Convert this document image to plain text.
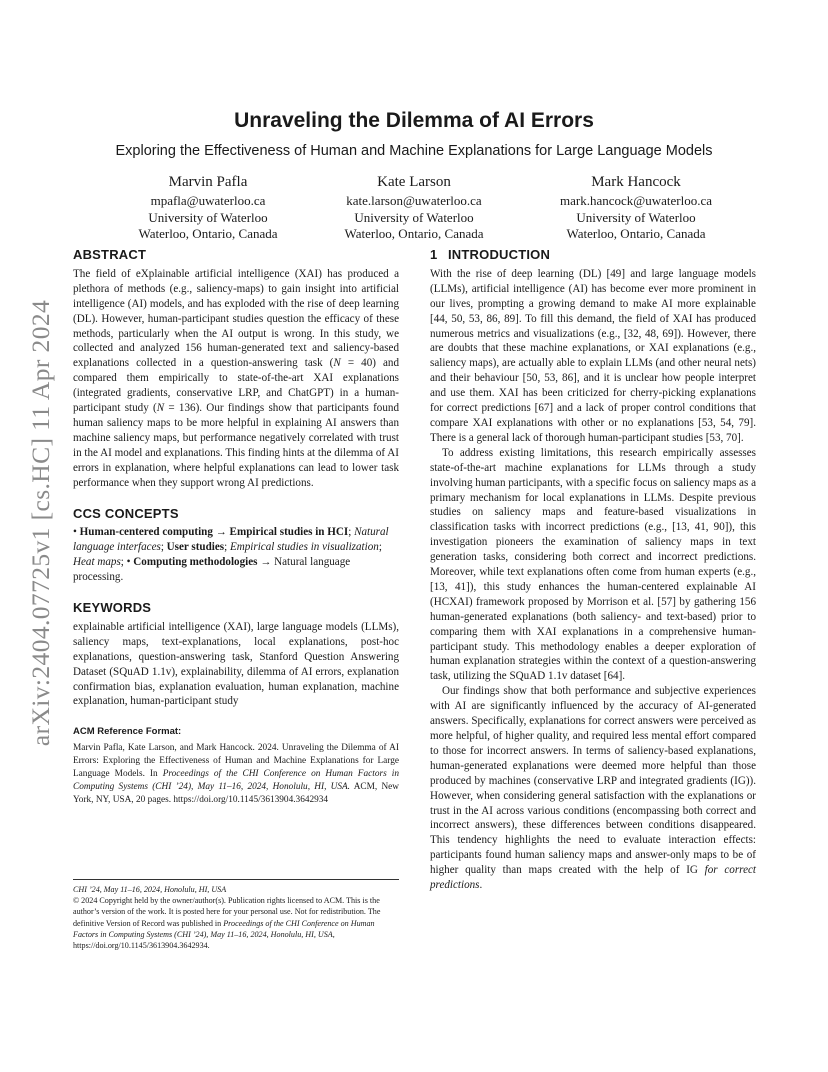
arXiv:2404.07725v1 [cs.HC] 11 Apr 2024
Unraveling the Dilemma of AI Errors
Exploring the Effectiveness of Human and Machine Explanations for Large Language Models
Marvin Pafla
mpafla@uwaterloo.ca
University of Waterloo
Waterloo, Ontario, Canada
Kate Larson
kate.larson@uwaterloo.ca
University of Waterloo
Waterloo, Ontario, Canada
Mark Hancock
mark.hancock@uwaterloo.ca
University of Waterloo
Waterloo, Ontario, Canada
ABSTRACT

The field of eXplainable artificial intelligence (XAI) has produced a plethora of methods (e.g., saliency-maps) to gain insight into artificial intelligence (AI) models, and has exploded with the rise of deep learning (DL). However, human-participant studies question the efficacy of these methods, particularly when the AI output is wrong. In this study, we collected and analyzed 156 human-generated text and saliency-based explanations collected in a question-answering task (N = 40) and compared them empirically to state-of-the-art XAI explanations (integrated gradients, conservative LRP, and ChatGPT) in a human-participant study (N = 136). Our findings show that participants found human saliency maps to be more helpful in explaining AI answers than machine saliency maps, but performance negatively correlated with trust in the AI model and explanations. This finding hints at the dilemma of AI errors in explanation, where helpful explanations can lead to lower task performance when they support wrong AI predictions.

CCS CONCEPTS

• Human-centered computing → Empirical studies in HCI; Natural language interfaces; User studies; Empirical studies in visualization; Heat maps; • Computing methodologies → Natural language processing.

KEYWORDS

explainable artificial intelligence (XAI), large language models (LLMs), saliency maps, text-explanations, local explanations, post-hoc explanations, question-answering task, Stanford Question Answering Dataset (SQuAD 1.1v), explainability, dilemma of AI errors, explanation confirmation bias, explanation evaluation, human explanation, machine explanation, human-participant study

ACM Reference Format:

Marvin Pafla, Kate Larson, and Mark Hancock. 2024. Unraveling the Dilemma of AI Errors: Exploring the Effectiveness of Human and Machine Explanations for Large Language Models. In Proceedings of the CHI Conference on Human Factors in Computing Systems (CHI ’24), May 11–16, 2024, Honolulu, HI, USA. ACM, New York, NY, USA, 20 pages. https://doi.org/10.1145/3613904.3642934

CHI ’24, May 11–16, 2024, Honolulu, HI, USA

© 2024 Copyright held by the owner/author(s). Publication rights licensed to ACM. This is the author’s version of the work. It is posted here for your personal use. Not for redistribution. The definitive Version of Record was published in Proceedings of the CHI Conference on Human Factors in Computing Systems (CHI ’24), May 11–16, 2024, Honolulu, HI, USA, https://doi.org/10.1145/3613904.3642934.

1 INTRODUCTION

With the rise of deep learning (DL) [49] and large language models (LLMs), artificial intelligence (AI) has become ever more prominent in our lives, prompting a growing demand to make AI more explainable [44, 50, 53, 86, 89]. To fill this demand, the field of XAI has produced numerous metrics and visualizations (e.g., [32, 48, 69]). However, there are doubts that these machine explanations, or XAI explanations (e.g., saliency maps), are actually able to explain LLMs (and other neural nets) and their behaviour [50, 53, 86], and it is unclear how people interpret and use them. XAI has been criticized for cherry-picking explanations for correct predictions [67] and a lack of proper control conditions that compare XAI explanations with other or no explanations [53, 54, 79]. There is a general lack of thorough human-participant studies [53, 70].

To address existing limitations, this research empirically assesses state-of-the-art machine explanations for LLMs through a study involving human participants, with a specific focus on saliency maps as a primary mechanism for local explanations in LLMs. Despite previous studies on saliency maps and feature-based visualizations in classification tasks with incorrect predictions (e.g., [13, 41, 90]), this investigation pioneers the examination of saliency maps in text generation tasks, considering both correct and incorrect predictions. Moreover, while text explanations often come from human experts (e.g., [13, 41]), this study enhances the human-centered explainable AI (HCXAI) framework proposed by Morrison et al. [57] by gathering 156 human-generated explanations (both saliency- and text-based) prior to comparing them with XAI explanations in a comprehensive human-participant study. This methodology enables a deeper exploration of human explanation strategies within the context of a question-answering task, utilizing the SQuAD 1.1v dataset [64].

Our findings show that both performance and subjective experiences with AI are significantly influenced by the accuracy of AI-generated answers. Specifically, explanations for correct answers were perceived as more helpful, of higher quality, and required less mental effort compared to those for incorrect answers. In terms of saliency-based explanations, human-generated explanations were deemed more helpful than those produced by machines (conservative LRP and integrated gradients (IG)). However, when considering general satisfaction with the explanations or trust in the AI across various conditions (encompassing both correct and incorrect answers), these differences between conditions disappeared. This tendency highlights the need to evaluate interaction effects: participants found human saliency maps and answer-only maps to be of higher quality than maps created with the help of IG for correct predictions.
